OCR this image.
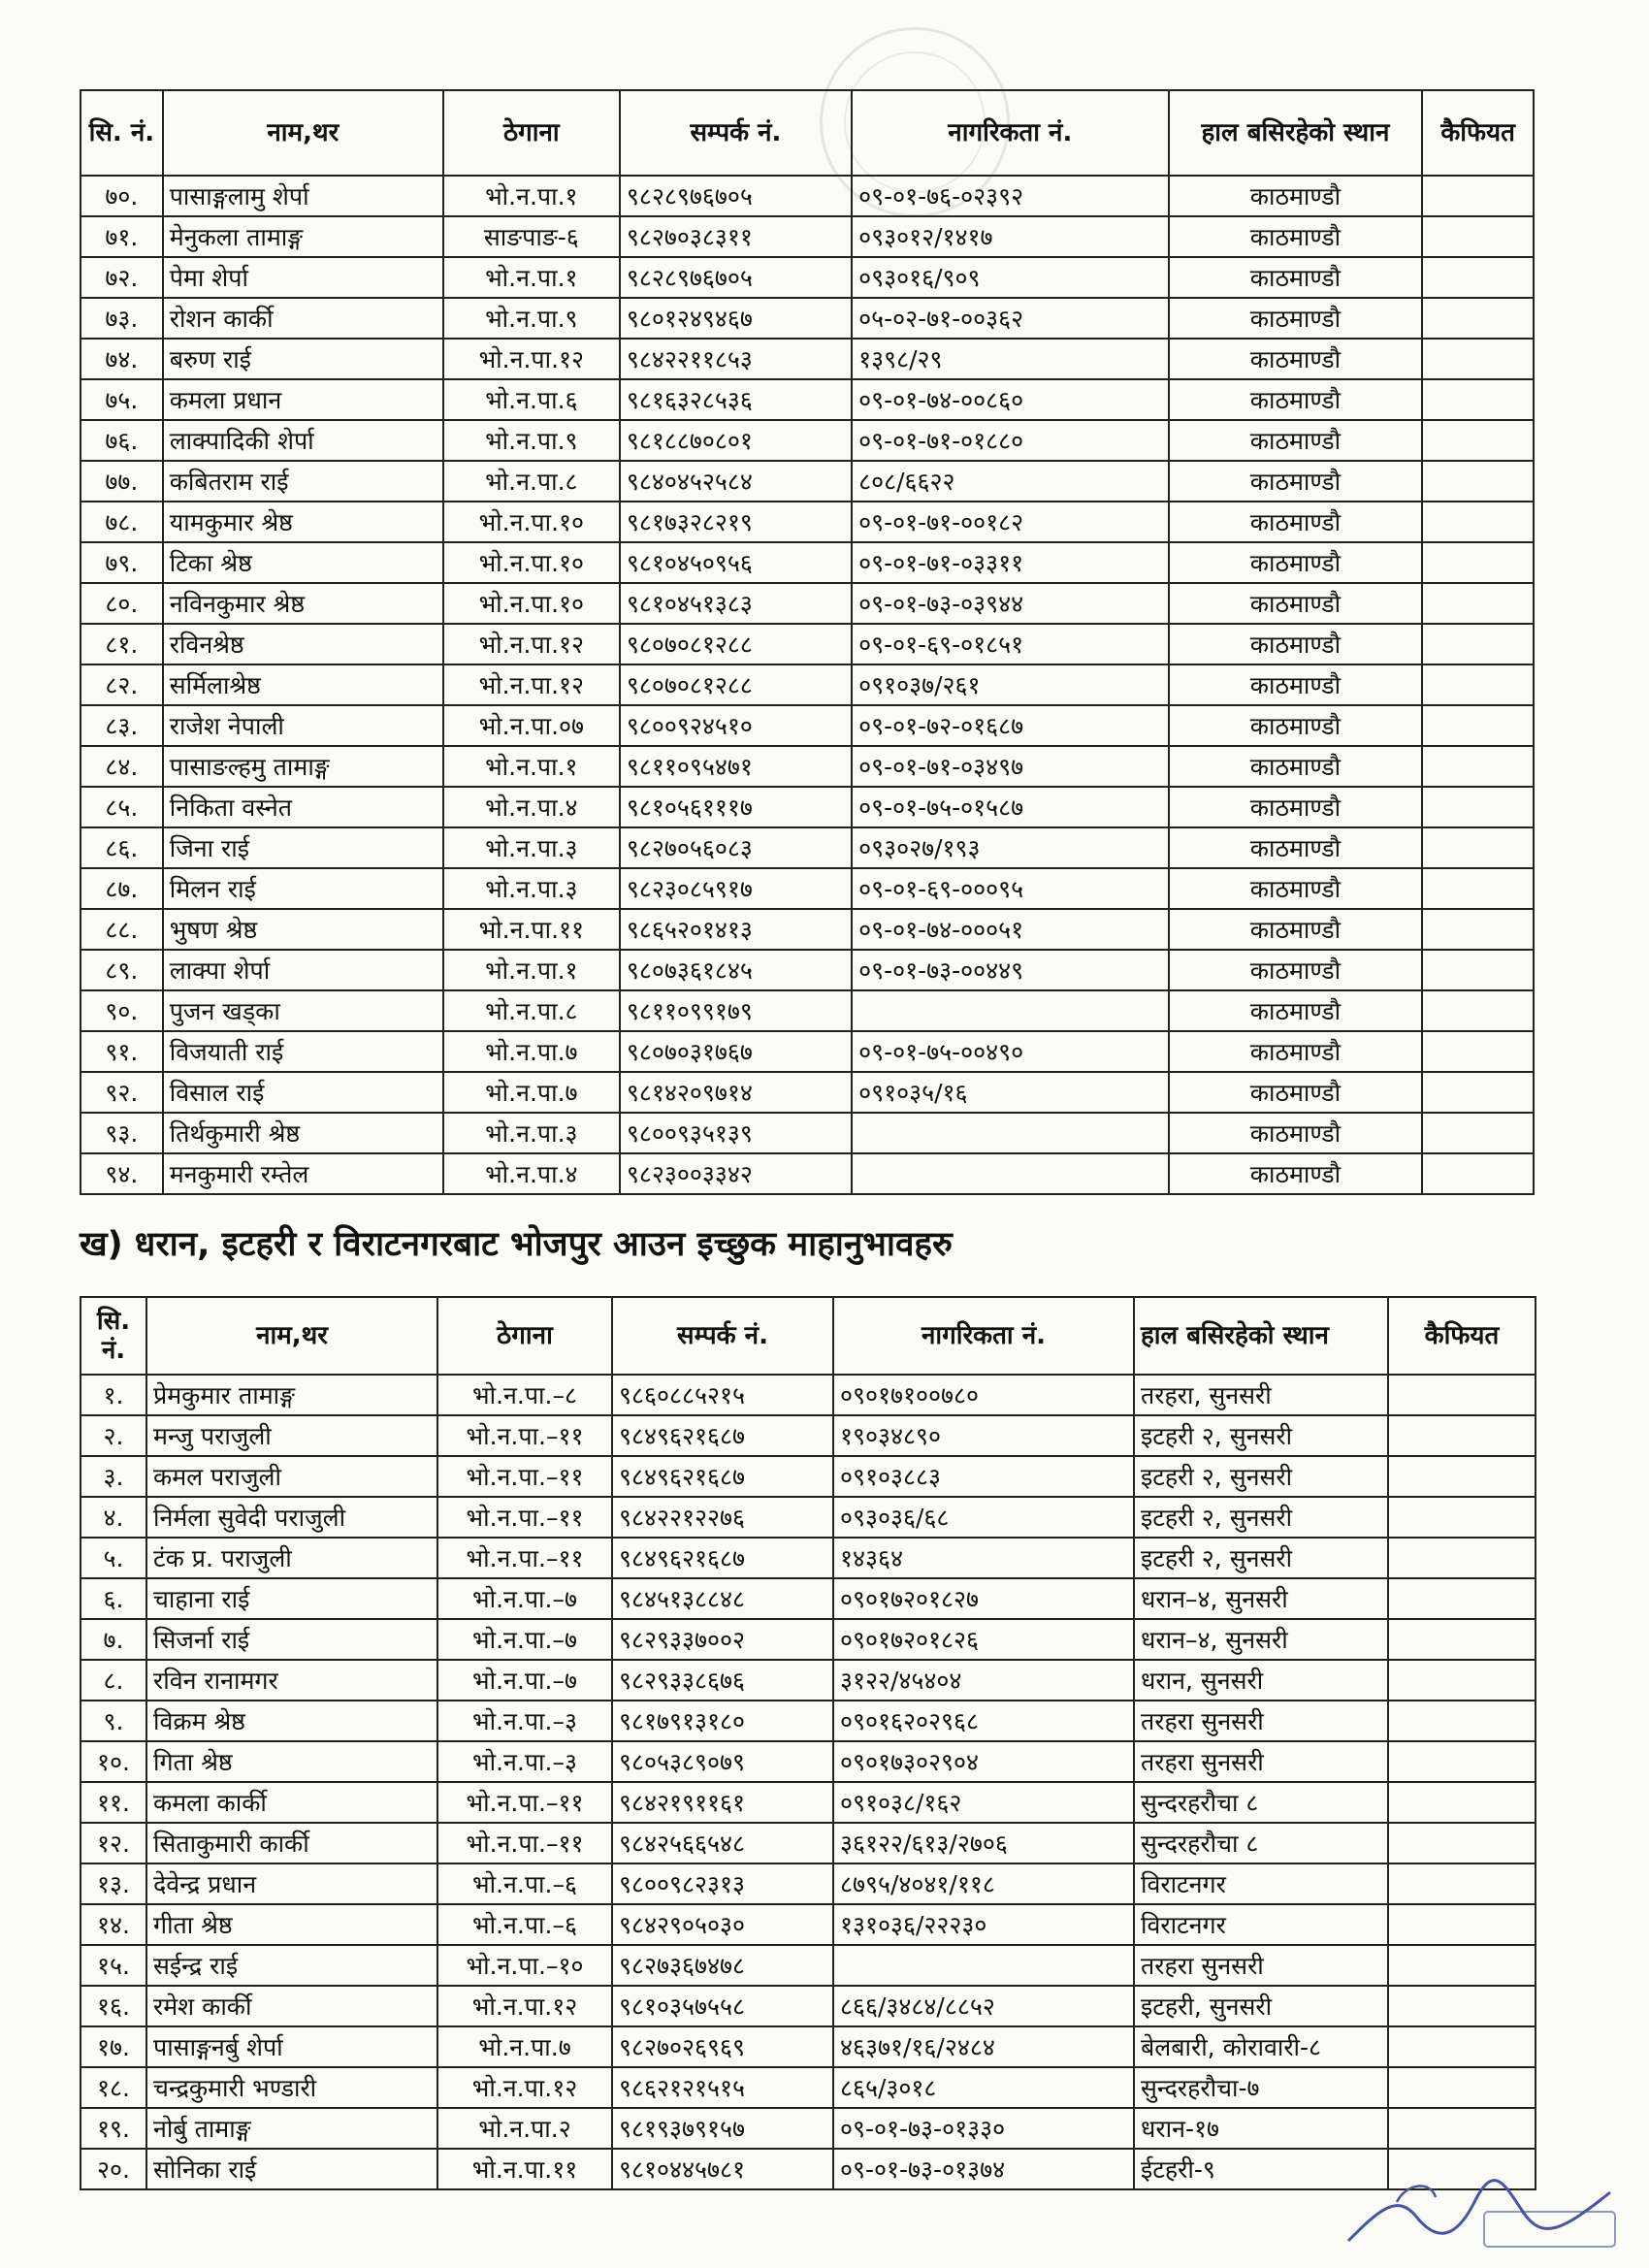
सि. नं.	नाम,थर	ठेगाना	सम्पर्क नं.	नागरिकता नं.	हाल बसिरहेको स्थान	कैफियत
७०.	पासाङ्गलामु शेर्पा	भो.न.पा.१	९८२८९७६७०५	०९-०१-७६-०२३९२	काठमाण्डौ	
७१.	मेनुकला तामाङ्ग	साङपाङ-६	९८२७०३८३११	०९३०१२/१४१७	काठमाण्डौ	
७२.	पेमा शेर्पा	भो.न.पा.१	९८२८९७६७०५	०९३०१६/९०९	काठमाण्डौ	
७३.	रोशन कार्की	भो.न.पा.९	९८०१२४९४६७	०५-०२-७१-००३६२	काठमाण्डौ	
७४.	बरुण राई	भो.न.पा.१२	९८४२२११८५३	१३९८/२९	काठमाण्डौ	
७५.	कमला प्रधान	भो.न.पा.६	९८१६३२८५३६	०९-०१-७४-००८६०	काठमाण्डौ	
७६.	लाक्पादिकी शेर्पा	भो.न.पा.९	९८१८८७०८०१	०९-०१-७१-०१८८०	काठमाण्डौ	
७७.	कबितराम राई	भो.न.पा.८	९८४०४५२५८४	८०८/६६२२	काठमाण्डौ	
७८.	यामकुमार श्रेष्ठ	भो.न.पा.१०	९८१७३२८२१९	०९-०१-७१-००१८२	काठमाण्डौ	
७९.	टिका श्रेष्ठ	भो.न.पा.१०	९८१०४५०९५६	०९-०१-७१-०३३११	काठमाण्डौ	
८०.	नविनकुमार श्रेष्ठ	भो.न.पा.१०	९८१०४५१३८३	०९-०१-७३-०३९४४	काठमाण्डौ	
८१.	रविनश्रेष्ठ	भो.न.पा.१२	९८०७०८१२८८	०९-०१-६९-०१८५१	काठमाण्डौ	
८२.	सर्मिलाश्रेष्ठ	भो.न.पा.१२	९८०७०८१२८८	०९१०३७/२६१	काठमाण्डौ	
८३.	राजेश नेपाली	भो.न.पा.०७	९८००९२४५१०	०९-०१-७२-०१६८७	काठमाण्डौ	
८४.	पासाङल्हमु तामाङ्ग	भो.न.पा.१	९८११०९५४७१	०९-०१-७१-०३४९७	काठमाण्डौ	
८५.	निकिता वस्नेत	भो.न.पा.४	९८१०५६१११७	०९-०१-७५-०१५८७	काठमाण्डौ	
८६.	जिना राई	भो.न.पा.३	९८२७०५६०८३	०९३०२७/१९३	काठमाण्डौ	
८७.	मिलन राई	भो.न.पा.३	९८२३०८५९१७	०९-०१-६९-०००९५	काठमाण्डौ	
८८.	भुषण श्रेष्ठ	भो.न.पा.११	९८६५२०१४१३	०९-०१-७४-०००५१	काठमाण्डौ	
८९.	लाक्पा शेर्पा	भो.न.पा.१	९८०७३६१८४५	०९-०१-७३-००४४९	काठमाण्डौ	
९०.	पुजन खड्का	भो.न.पा.८	९८११०९९१७९		काठमाण्डौ	
९१.	विजयाती राई	भो.न.पा.७	९८०७०३१७६७	०९-०१-७५-००४९०	काठमाण्डौ	
९२.	विसाल राई	भो.न.पा.७	९८१४२०९७१४	०९१०३५/१६	काठमाण्डौ	
९३.	तिर्थकुमारी श्रेष्ठ	भो.न.पा.३	९८००९३५१३९		काठमाण्डौ	
९४.	मनकुमारी रम्तेल	भो.न.पा.४	९८२३००३३४२		काठमाण्डौ	
ख) धरान, इटहरी र विराटनगरबाट भोजपुर आउन इच्छुक माहानुभावहरु
सि. नं.	नाम,थर	ठेगाना	सम्पर्क नं.	नागरिकता नं.	हाल बसिरहेको स्थान	कैफियत
१.	प्रेमकुमार तामाङ्ग	भो.न.पा.–८	९८६०८८५२१५	०९०१७१००७८०	तरहरा, सुनसरी	
२.	मन्जु पराजुली	भो.न.पा.–११	९८४९६२१६८७	१९०३४८९०	इटहरी २, सुनसरी	
३.	कमल पराजुली	भो.न.पा.–११	९८४९६२१६८७	०९१०३८८३	इटहरी २, सुनसरी	
४.	निर्मला सुवेदी पराजुली	भो.न.पा.–११	९८४२२१२२७६	०९३०३६/६८	इटहरी २, सुनसरी	
५.	टंक प्र. पराजुली	भो.न.पा.–११	९८४९६२१६८७	१४३६४	इटहरी २, सुनसरी	
६.	चाहाना राई	भो.न.पा.–७	९८४५१३८८४८	०९०१७२०१८२७	धरान–४, सुनसरी	
७.	सिजर्ना राई	भो.न.पा.–७	९८२९३३७००२	०९०१७२०१८२६	धरान–४, सुनसरी	
८.	रविन रानामगर	भो.न.पा.–७	९८२९३३८६७६	३१२२/४५४०४	धरान, सुनसरी	
९.	विक्रम श्रेष्ठ	भो.न.पा.–३	९८१७९१३१८०	०९०१६२०२९६८	तरहरा सुनसरी	
१०.	गिता श्रेष्ठ	भो.न.पा.–३	९८०५३८९०७९	०९०१७३०२९०४	तरहरा सुनसरी	
११.	कमला कार्की	भो.न.पा.–११	९८४२१९११६१	०९१०३८/१६२	सुन्दरहरौचा ८	
१२.	सिताकुमारी कार्की	भो.न.पा.–११	९८४२५६६५४८	३६१२२/६१३/२७०६	सुन्दरहरौचा ८	
१३.	देवेन्द्र प्रधान	भो.न.पा.–६	९८००९८२३१३	८७९५/४०४१/११८	विराटनगर	
१४.	गीता श्रेष्ठ	भो.न.पा.–६	९८४२९०५०३०	१३१०३६/२२२३०	विराटनगर	
१५.	सईन्द्र राई	भो.न.पा.–१०	९८२७३६७४७८		तरहरा सुनसरी	
१६.	रमेश कार्की	भो.न.पा.१२	९८१०३५७५५८	८६६/३४८४/८८५२	इटहरी, सुनसरी	
१७.	पासाङ्गनर्बु शेर्पा	भो.न.पा.७	९८२७०२६९६९	४६३७१/१६/२४८४	बेलबारी, कोरावारी-८	
१८.	चन्द्रकुमारी भण्डारी	भो.न.पा.१२	९८६२१२१५१५	८६५/३०१८	सुन्दरहरौचा-७	
१९.	नोर्बु तामाङ्ग	भो.न.पा.२	९८१९३७९१५७	०९-०१-७३-०१३३०	धरान-१७	
२०.	सोनिका राई	भो.न.पा.११	९८१०४४५७८१	०९-०१-७३-०१३७४	ईटहरी-९	
